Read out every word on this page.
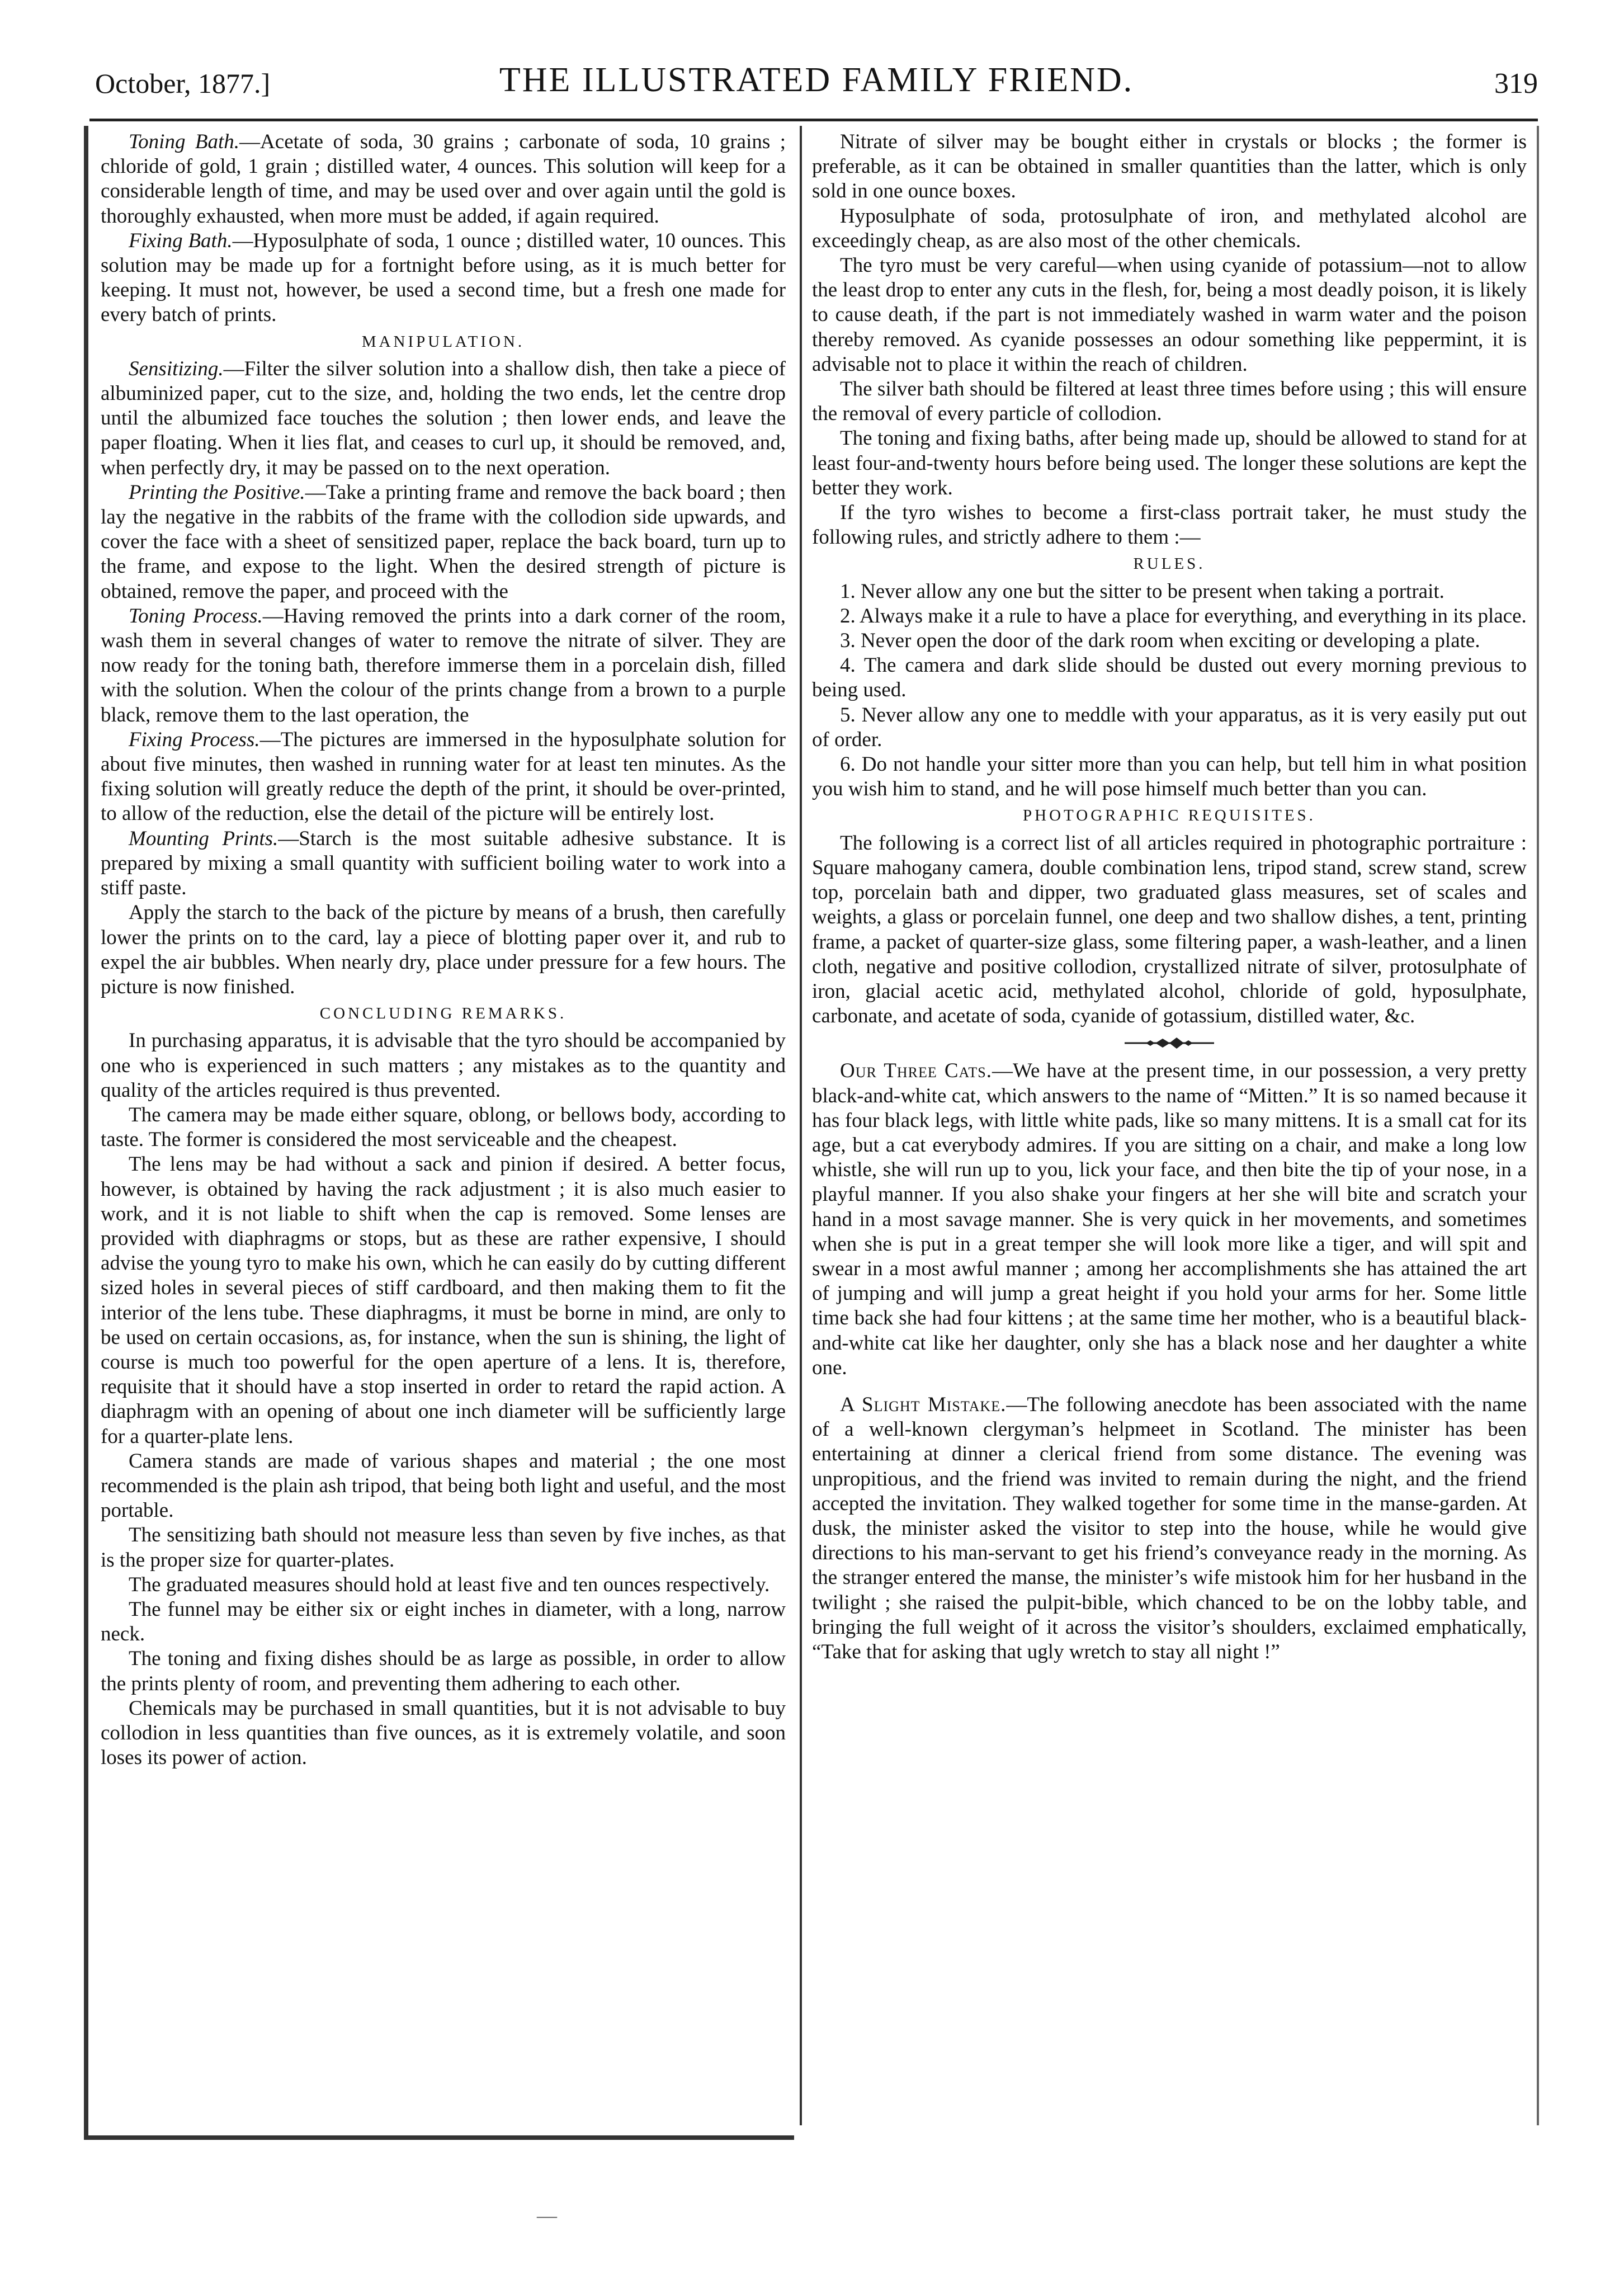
October, 1877.]	THE ILLUSTRATED FAMILY FRIEND.	319

Toning Bath.—Acetate of soda, 30 grains ; carbonate of soda, 10 grains ; chloride of gold, 1 grain ; distilled water, 4 ounces. This solution will keep for a considerable length of time, and may be used over and over again until the gold is thoroughly exhausted, when more must be added, if again required.

Fixing Bath.—Hyposulphate of soda, 1 ounce ; distilled water, 10 ounces. This solution may be made up for a fortnight before using, as it is much better for keeping. It must not, however, be used a second time, but a fresh one made for every batch of prints.

MANIPULATION.

Sensitizing.—Filter the silver solution into a shallow dish, then take a piece of albuminized paper, cut to the size, and, holding the two ends, let the centre drop until the albumized face touches the solution ; then lower ends, and leave the paper floating. When it lies flat, and ceases to curl up, it should be removed, and, when perfectly dry, it may be passed on to the next operation.

Printing the Positive.—Take a printing frame and remove the back board ; then lay the negative in the rabbits of the frame with the collodion side upwards, and cover the face with a sheet of sensitized paper, replace the back board, turn up to the frame, and expose to the light. When the desired strength of picture is obtained, remove the paper, and proceed with the

Toning Process.—Having removed the prints into a dark corner of the room, wash them in several changes of water to remove the nitrate of silver. They are now ready for the toning bath, therefore immerse them in a porcelain dish, filled with the solution. When the colour of the prints change from a brown to a purple black, remove them to the last operation, the

Fixing Process.—The pictures are immersed in the hyposulphate solution for about five minutes, then washed in running water for at least ten minutes. As the fixing solution will greatly reduce the depth of the print, it should be over-printed, to allow of the reduction, else the detail of the picture will be entirely lost.

Mounting Prints.—Starch is the most suitable adhesive substance. It is prepared by mixing a small quantity with sufficient boiling water to work into a stiff paste.

Apply the starch to the back of the picture by means of a brush, then carefully lower the prints on to the card, lay a piece of blotting paper over it, and rub to expel the air bubbles. When nearly dry, place under pressure for a few hours. The picture is now finished.

CONCLUDING REMARKS.

In purchasing apparatus, it is advisable that the tyro should be accompanied by one who is experienced in such matters ; any mistakes as to the quantity and quality of the articles required is thus prevented.

The camera may be made either square, oblong, or bellows body, according to taste. The former is considered the most serviceable and the cheapest.

The lens may be had without a sack and pinion if desired. A better focus, however, is obtained by having the rack adjustment ; it is also much easier to work, and it is not liable to shift when the cap is removed. Some lenses are provided with diaphragms or stops, but as these are rather expensive, I should advise the young tyro to make his own, which he can easily do by cutting different sized holes in several pieces of stiff cardboard, and then making them to fit the interior of the lens tube. These diaphragms, it must be borne in mind, are only to be used on certain occasions, as, for instance, when the sun is shining, the light of course is much too powerful for the open aperture of a lens. It is, therefore, requisite that it should have a stop inserted in order to retard the rapid action. A diaphragm with an opening of about one inch diameter will be sufficiently large for a quarter-plate lens.

Camera stands are made of various shapes and material ; the one most recommended is the plain ash tripod, that being both light and useful, and the most portable.

The sensitizing bath should not measure less than seven by five inches, as that is the proper size for quarter-plates.

The graduated measures should hold at least five and ten ounces respectively.

The funnel may be either six or eight inches in diameter, with a long, narrow neck.

The toning and fixing dishes should be as large as possible, in order to allow the prints plenty of room, and preventing them adhering to each other.

Chemicals may be purchased in small quantities, but it is not advisable to buy collodion in less quantities than five ounces, as it is extremely volatile, and soon loses its power of action.

Nitrate of silver may be bought either in crystals or blocks ; the former is preferable, as it can be obtained in smaller quantities than the latter, which is only sold in one ounce boxes.

Hyposulphate of soda, protosulphate of iron, and methylated alcohol are exceedingly cheap, as are also most of the other chemicals.

The tyro must be very careful—when using cyanide of potassium—not to allow the least drop to enter any cuts in the flesh, for, being a most deadly poison, it is likely to cause death, if the part is not immediately washed in warm water and the poison thereby removed. As cyanide possesses an odour something like peppermint, it is advisable not to place it within the reach of children.

The silver bath should be filtered at least three times before using ; this will ensure the removal of every particle of collodion.

The toning and fixing baths, after being made up, should be allowed to stand for at least four-and-twenty hours before being used. The longer these solutions are kept the better they work.

If the tyro wishes to become a first-class portrait taker, he must study the following rules, and strictly adhere to them :—

RULES.

1. Never allow any one but the sitter to be present when taking a portrait.

2. Always make it a rule to have a place for everything, and everything in its place.

3. Never open the door of the dark room when exciting or developing a plate.

4. The camera and dark slide should be dusted out every morning previous to being used.

5. Never allow any one to meddle with your apparatus, as it is very easily put out of order.

6. Do not handle your sitter more than you can help, but tell him in what position you wish him to stand, and he will pose himself much better than you can.

PHOTOGRAPHIC REQUISITES.

The following is a correct list of all articles required in photographic portraiture : Square mahogany camera, double combination lens, tripod stand, screw stand, screw top, porcelain bath and dipper, two graduated glass measures, set of scales and weights, a glass or porcelain funnel, one deep and two shallow dishes, a tent, printing frame, a packet of quarter-size glass, some filtering paper, a wash-leather, and a linen cloth, negative and positive collodion, crystallized nitrate of silver, protosulphate of iron, glacial acetic acid, methylated alcohol, chloride of gold, hyposulphate, carbonate, and acetate of soda, cyanide of gotassium, distilled water, &c.

Our Three Cats.—We have at the present time, in our possession, a very pretty black-and-white cat, which answers to the name of “Mitten.” It is so named because it has four black legs, with little white pads, like so many mittens. It is a small cat for its age, but a cat everybody admires. If you are sitting on a chair, and make a long low whistle, she will run up to you, lick your face, and then bite the tip of your nose, in a playful manner. If you also shake your fingers at her she will bite and scratch your hand in a most savage manner. She is very quick in her movements, and sometimes when she is put in a great temper she will look more like a tiger, and will spit and swear in a most awful manner ; among her accomplishments she has attained the art of jumping and will jump a great height if you hold your arms for her. Some little time back she had four kittens ; at the same time her mother, who is a beautiful black-and-white cat like her daughter, only she has a black nose and her daughter a white one.

A Slight Mistake.—The following anecdote has been associated with the name of a well-known clergyman’s helpmeet in Scotland. The minister has been entertaining at dinner a clerical friend from some distance. The evening was unpropitious, and the friend was invited to remain during the night, and the friend accepted the invitation. They walked together for some time in the manse-garden. At dusk, the minister asked the visitor to step into the house, while he would give directions to his man-servant to get his friend’s conveyance ready in the morning. As the stranger entered the manse, the minister’s wife mistook him for her husband in the twilight ; she raised the pulpit-bible, which chanced to be on the lobby table, and bringing the full weight of it across the visitor’s shoulders, exclaimed emphatically, “Take that for asking that ugly wretch to stay all night !”

—
